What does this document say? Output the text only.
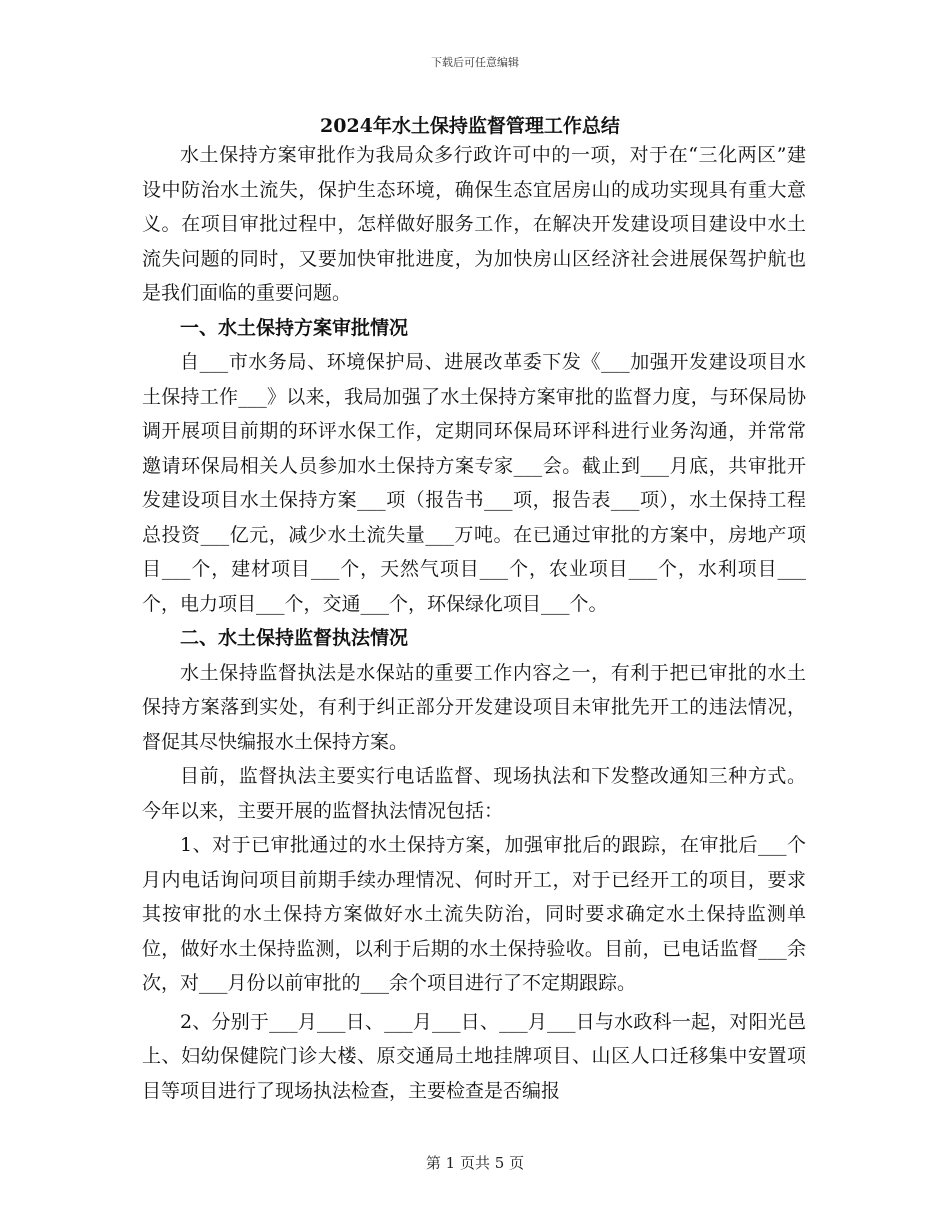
下载后可任意编辑
2024年水土保持监督管理工作总结

水土保持方案审批作为我局众多行政许可中的一项，对于在“三化两区”建设中防治水土流失，保护生态环境，确保生态宜居房山的成功实现具有重大意义。在项目审批过程中，怎样做好服务工作，在解决开发建设项目建设中水土流失问题的同时，又要加快审批进度，为加快房山区经济社会进展保驾护航也是我们面临的重要问题。

一、水土保持方案审批情况

自___市水务局、环境保护局、进展改革委下发《___加强开发建设项目水土保持工作___》以来，我局加强了水土保持方案审批的监督力度，与环保局协调开展项目前期的环评水保工作，定期同环保局环评科进行业务沟通，并常常邀请环保局相关人员参加水土保持方案专家___会。截止到___月底，共审批开发建设项目水土保持方案___项（报告书___项，报告表___项），水土保持工程总投资___亿元，减少水土流失量___万吨。在已通过审批的方案中，房地产项目___个，建材项目___个，天然气项目___个，农业项目___个，水利项目___个，电力项目___个，交通___个，环保绿化项目___个。

二、水土保持监督执法情况

水土保持监督执法是水保站的重要工作内容之一，有利于把已审批的水土保持方案落到实处，有利于纠正部分开发建设项目未审批先开工的违法情况，督促其尽快编报水土保持方案。

目前，监督执法主要实行电话监督、现场执法和下发整改通知三种方式。今年以来，主要开展的监督执法情况包括：

1、对于已审批通过的水土保持方案，加强审批后的跟踪，在审批后___个月内电话询问项目前期手续办理情况、何时开工，对于已经开工的项目，要求其按审批的水土保持方案做好水土流失防治，同时要求确定水土保持监测单位，做好水土保持监测，以利于后期的水土保持验收。目前，已电话监督___余次，对___月份以前审批的___余个项目进行了不定期跟踪。

2、分别于___月___日、___月___日、___月___日与水政科一起，对阳光邑上、妇幼保健院门诊大楼、原交通局土地挂牌项目、山区人口迁移集中安置项目等项目进行了现场执法检查，主要检查是否编报

第 1 页共 5 页
